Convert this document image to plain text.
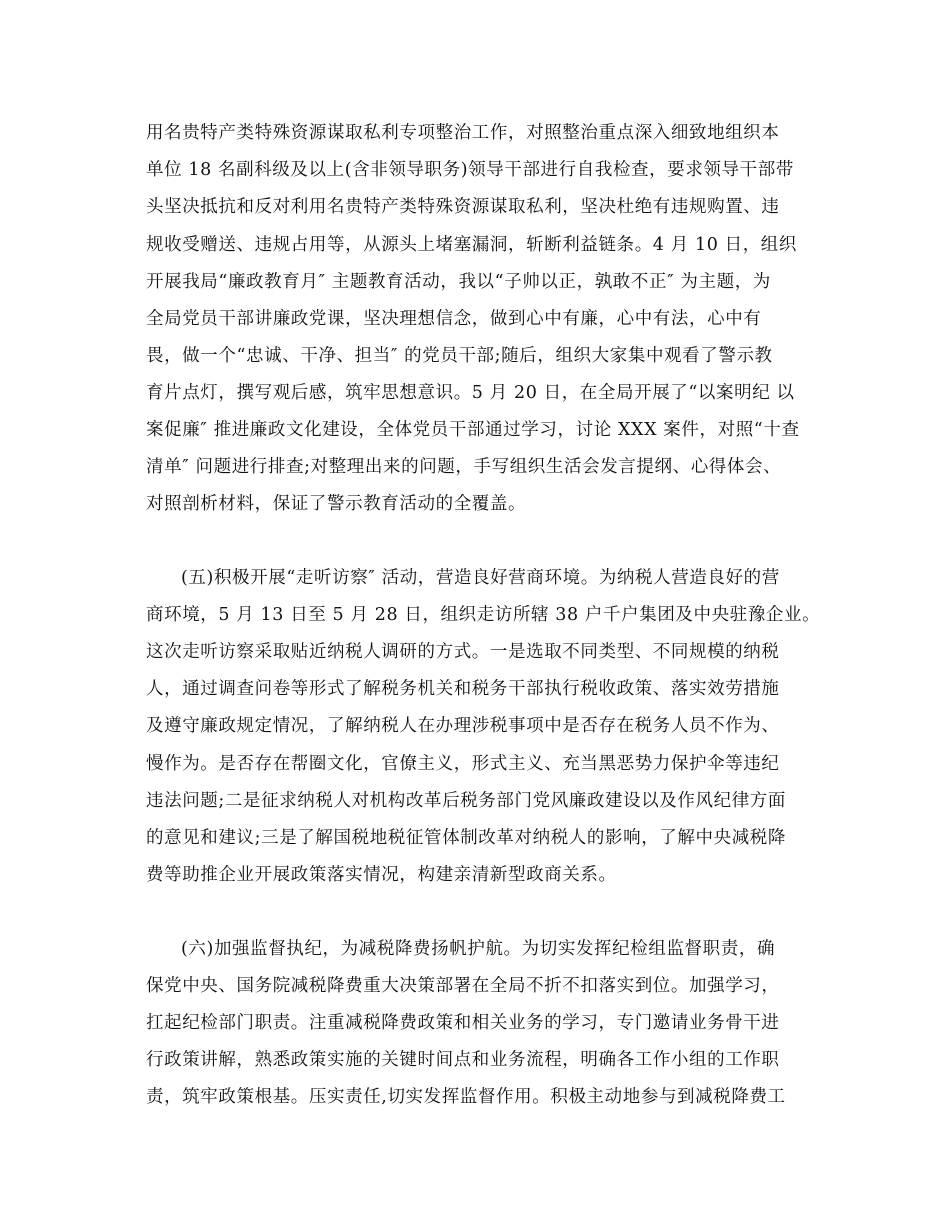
用名贵特产类特殊资源谋取私利专项整治工作，对照整治重点深入细致地组织本
单位 18 名副科级及以上(含非领导职务)领导干部进行自我检查，要求领导干部带
头坚决抵抗和反对利用名贵特产类特殊资源谋取私利，坚决杜绝有违规购置、违
规收受赠送、违规占用等，从源头上堵塞漏洞，斩断利益链条。4 月 10 日，组织
开展我局“廉政教育月″ 主题教育活动，我以“子帅以正，孰敢不正″ 为主题，为
全局党员干部讲廉政党课，坚决理想信念，做到心中有廉，心中有法，心中有
畏，做一个“忠诚、干净、担当″ 的党员干部;随后，组织大家集中观看了警示教
育片点灯，撰写观后感，筑牢思想意识。5 月 20 日，在全局开展了“以案明纪 以
案促廉″ 推进廉政文化建设，全体党员干部通过学习，讨论 XXX 案件，对照“十查
清单″ 问题进行排查;对整理出来的问题，手写组织生活会发言提纲、心得体会、
对照剖析材料，保证了警示教育活动的全覆盖。
(五)积极开展“走听访察″ 活动，营造良好营商环境。为纳税人营造良好的营
商环境，5 月 13 日至 5 月 28 日，组织走访所辖 38 户千户集团及中央驻豫企业。
这次走听访察采取贴近纳税人调研的方式。一是选取不同类型、不同规模的纳税
人，通过调查问卷等形式了解税务机关和税务干部执行税收政策、落实效劳措施
及遵守廉政规定情况，了解纳税人在办理涉税事项中是否存在税务人员不作为、
慢作为。是否存在帮圈文化，官僚主义，形式主义、充当黑恶势力保护伞等违纪
违法问题;二是征求纳税人对机构改革后税务部门党风廉政建设以及作风纪律方面
的意见和建议;三是了解国税地税征管体制改革对纳税人的影响，了解中央减税降
费等助推企业开展政策落实情况，构建亲清新型政商关系。
(六)加强监督执纪，为减税降费扬帆护航。为切实发挥纪检组监督职责，确
保党中央、国务院减税降费重大决策部署在全局不折不扣落实到位。加强学习，
扛起纪检部门职责。注重减税降费政策和相关业务的学习，专门邀请业务骨干进
行政策讲解，熟悉政策实施的关键时间点和业务流程，明确各工作小组的工作职
责，筑牢政策根基。压实责任,切实发挥监督作用。积极主动地参与到减税降费工
